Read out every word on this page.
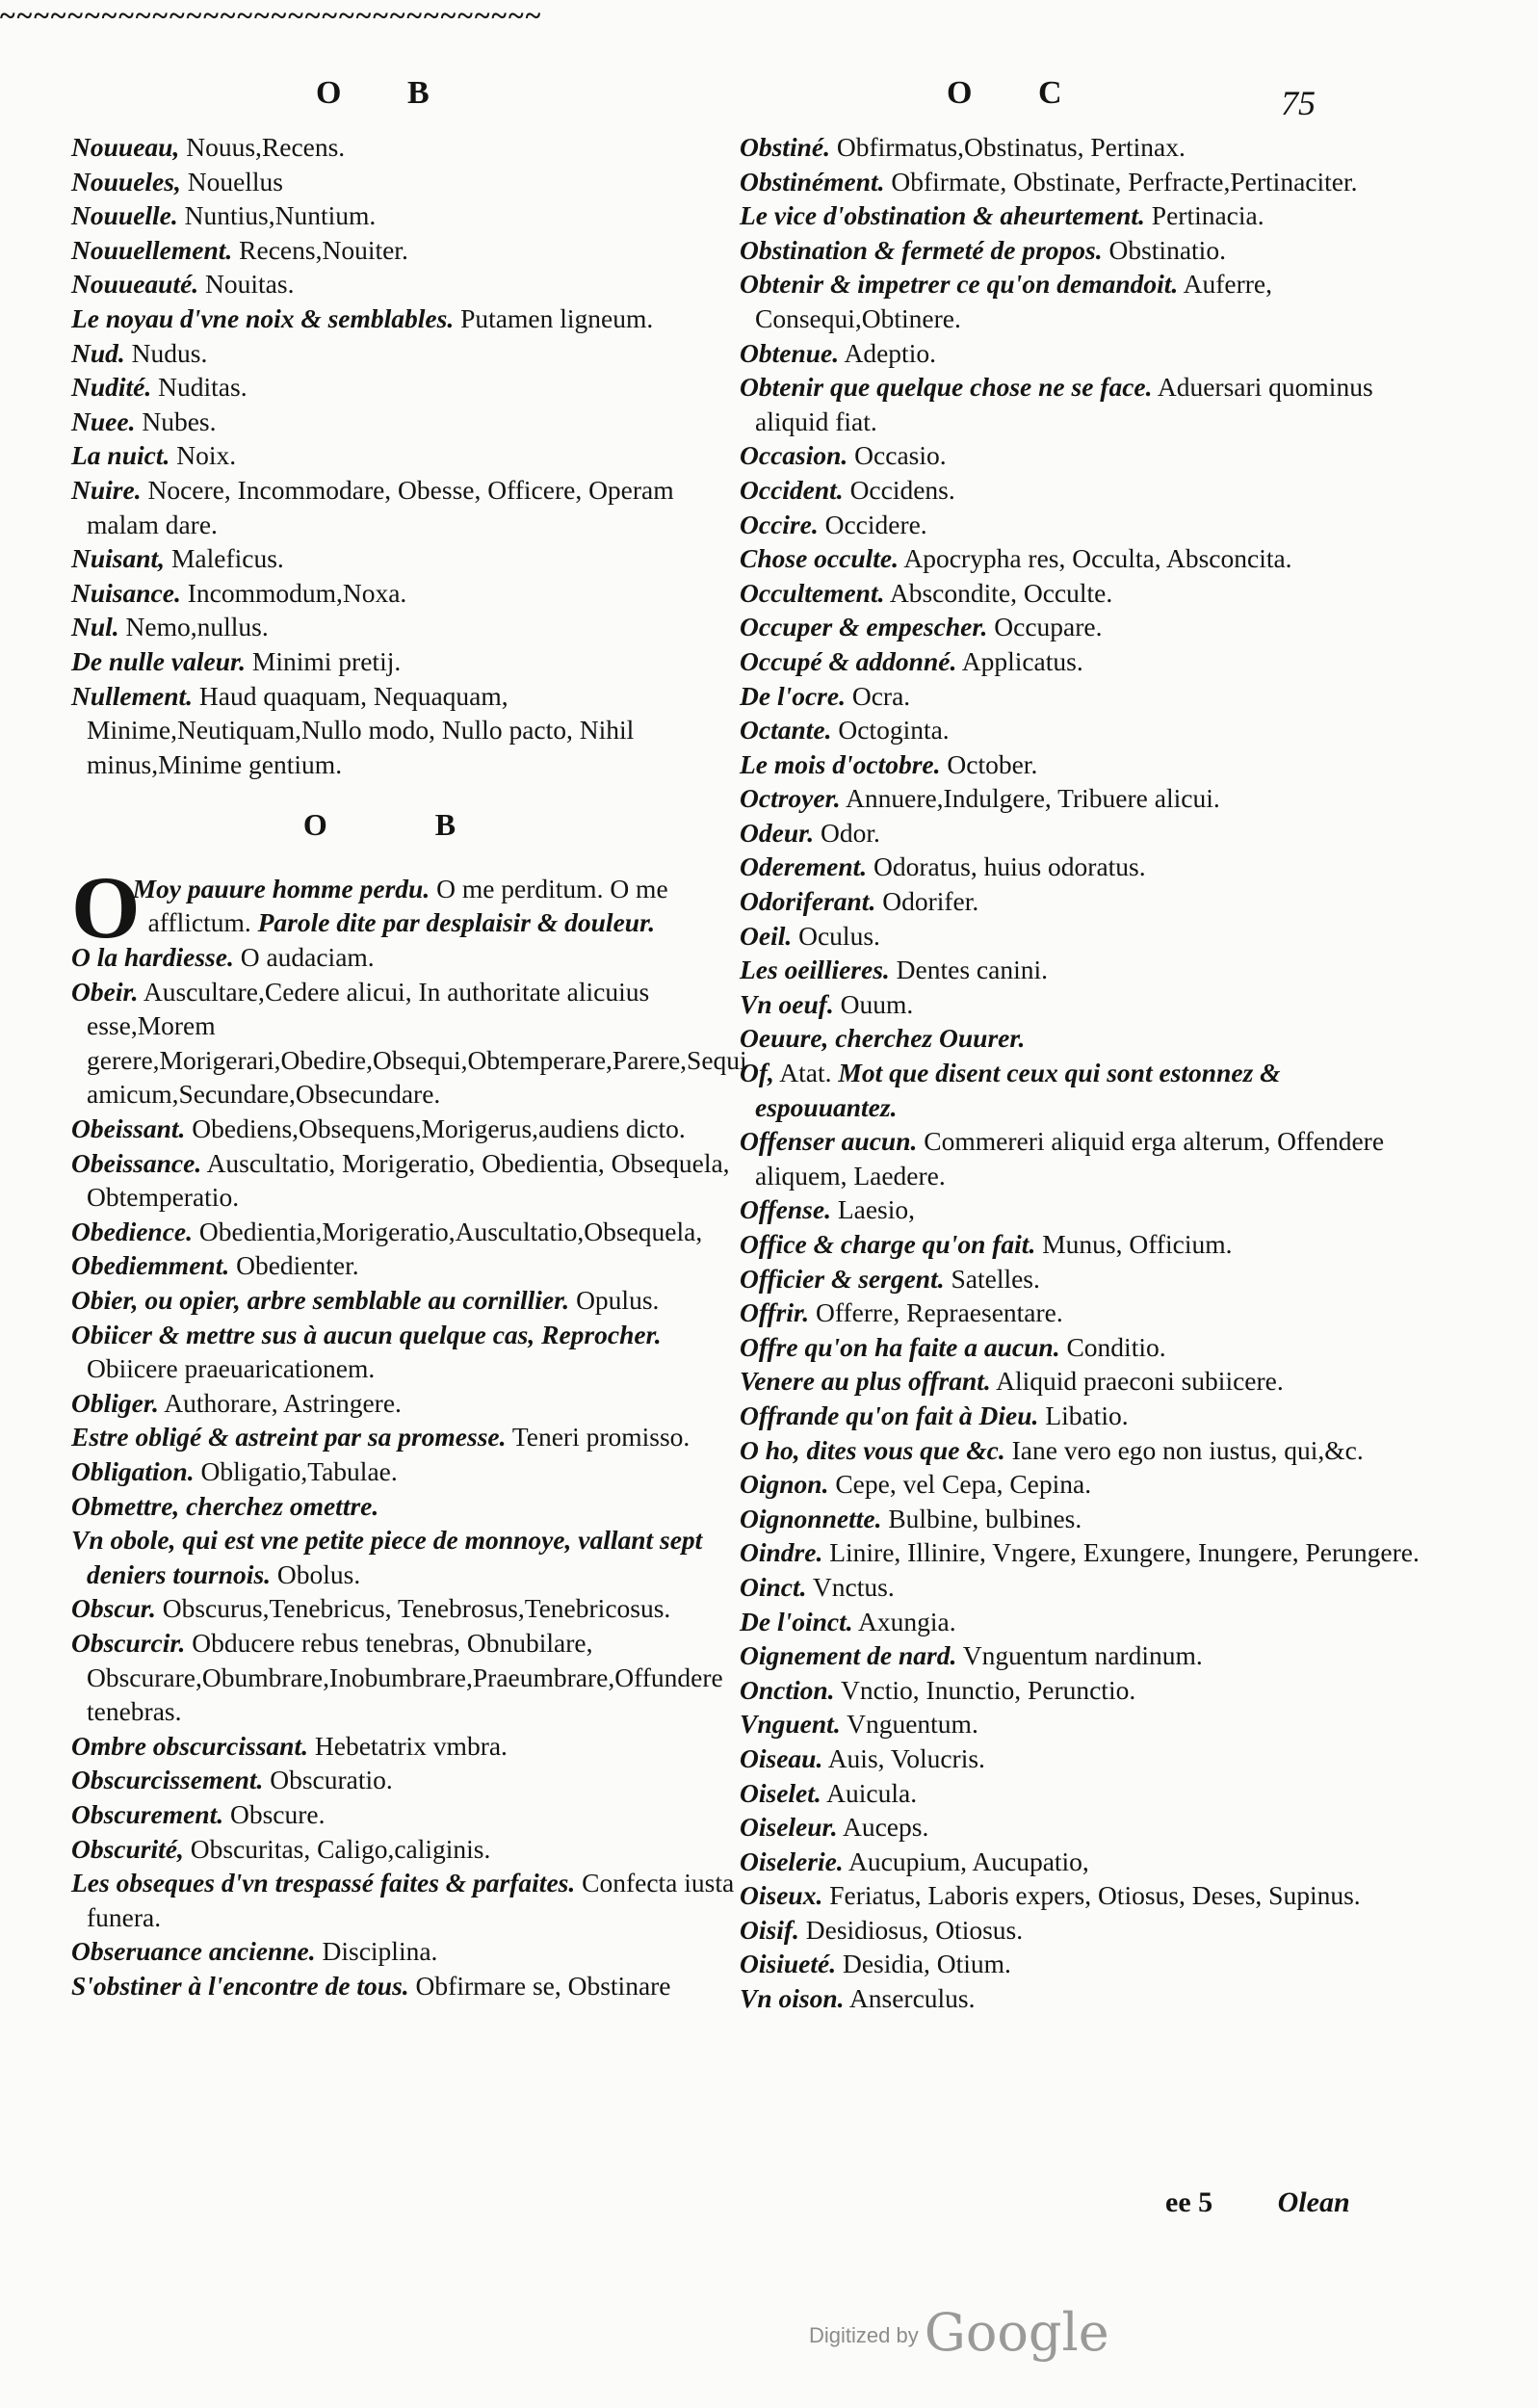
~~~~~~~~~~~~~~~~~~~~~~~~~~~~~~~~
O B	O C	75

Nouueau, Nouus,Recens.

Nouueles, Nouellus

Nouuelle. Nuntius,Nuntium.

Nouuellement. Recens,Nouiter.

Nouueauté. Nouitas.

Le noyau d'vne noix & semblables. Putamen ligneum.

Nud. Nudus.

Nudité. Nuditas.

Nuee. Nubes.

La nuict. Noix.

Nuire. Nocere, Incommodare, Obesse, Officere, Operam malam dare.

Nuisant, Maleficus.

Nuisance. Incommodum,Noxa.

Nul. Nemo,nullus.

De nulle valeur. Minimi pretij.

Nullement. Haud quaquam, Nequaquam, Minime,Neutiquam,Nullo modo, Nullo pacto, Nihil minus,Minime gentium.

O B

O
Moy pauure homme perdu. O me perditum. O me afflictum. Parole dite par desplaisir & douleur.

O la hardiesse. O audaciam.

Obeir. Auscultare,Cedere alicui, In authoritate alicuius esse,Morem gerere,Morigerari,Obedire,Obsequi,Obtemperare,Parere,Sequi amicum,Secundare,Obsecundare.

Obeissant. Obediens,Obsequens,Morigerus,audiens dicto.

Obeissance. Auscultatio, Morigeratio, Obedientia, Obsequela, Obtemperatio.

Obedience. Obedientia,Morigeratio,Auscultatio,Obsequela,

Obediemment. Obedienter.

Obier, ou opier, arbre semblable au cornillier. Opulus.

Obiicer & mettre sus à aucun quelque cas, Reprocher. Obiicere praeuaricationem.

Obliger. Authorare, Astringere.

Estre obligé & astreint par sa promesse. Teneri promisso.

Obligation. Obligatio,Tabulae.

Obmettre, cherchez omettre.

Vn obole, qui est vne petite piece de monnoye, vallant sept deniers tournois. Obolus.

Obscur. Obscurus,Tenebricus, Tenebrosus,Tenebricosus.

Obscurcir. Obducere rebus tenebras, Obnubilare, Obscurare,Obumbrare,Inobumbrare,Praeumbrare,Offundere tenebras.

Ombre obscurcissant. Hebetatrix vmbra.

Obscurcissement. Obscuratio.

Obscurement. Obscure.

Obscurité, Obscuritas, Caligo,caliginis.

Les obseques d'vn trespassé faites & parfaites. Confecta iusta funera.

Obseruance ancienne. Disciplina.

S'obstiner à l'encontre de tous. Obfirmare se, Obstinare

Obstiné. Obfirmatus,Obstinatus, Pertinax.

Obstinément. Obfirmate, Obstinate, Perfracte,Pertinaciter.

Le vice d'obstination & aheurtement. Pertinacia.

Obstination & fermeté de propos. Obstinatio.

Obtenir & impetrer ce qu'on demandoit. Auferre, Consequi,Obtinere.

Obtenue. Adeptio.

Obtenir que quelque chose ne se face. Aduersari quominus aliquid fiat.

Occasion. Occasio.

Occident. Occidens.

Occire. Occidere.

Chose occulte. Apocrypha res, Occulta, Absconcita.

Occultement. Abscondite, Occulte.

Occuper & empescher. Occupare.

Occupé & addonné. Applicatus.

De l'ocre. Ocra.

Octante. Octoginta.

Le mois d'octobre. October.

Octroyer. Annuere,Indulgere, Tribuere alicui.

Odeur. Odor.

Oderement. Odoratus, huius odoratus.

Odoriferant. Odorifer.

Oeil. Oculus.

Les oeillieres. Dentes canini.

Vn oeuf. Ouum.

Oeuure, cherchez Ouurer.

Of, Atat. Mot que disent ceux qui sont estonnez & espouuantez.

Offenser aucun. Commereri aliquid erga alterum, Offendere aliquem, Laedere.

Offense. Laesio,

Office & charge qu'on fait. Munus, Officium.

Officier & sergent. Satelles.

Offrir. Offerre, Repraesentare.

Offre qu'on ha faite a aucun. Conditio.

Venere au plus offrant. Aliquid praeconi subiicere.

Offrande qu'on fait à Dieu. Libatio.

O ho, dites vous que &c. Iane vero ego non iustus, qui,&c.

Oignon. Cepe, vel Cepa, Cepina.

Oignonnette. Bulbine, bulbines.

Oindre. Linire, Illinire, Vngere, Exungere, Inungere, Perungere.

Oinct. Vnctus.

De l'oinct. Axungia.

Oignement de nard. Vnguentum nardinum.

Onction. Vnctio, Inunctio, Perunctio.

Vnguent. Vnguentum.

Oiseau. Auis, Volucris.

Oiselet. Auicula.

Oiseleur. Auceps.

Oiselerie. Aucupium, Aucupatio,

Oiseux. Feriatus, Laboris expers, Otiosus, Deses, Supinus.

Oisif. Desidiosus, Otiosus.

Oisiueté. Desidia, Otium.

Vn oison. Anserculus.

ee 5 Olean
Digitized by Google
